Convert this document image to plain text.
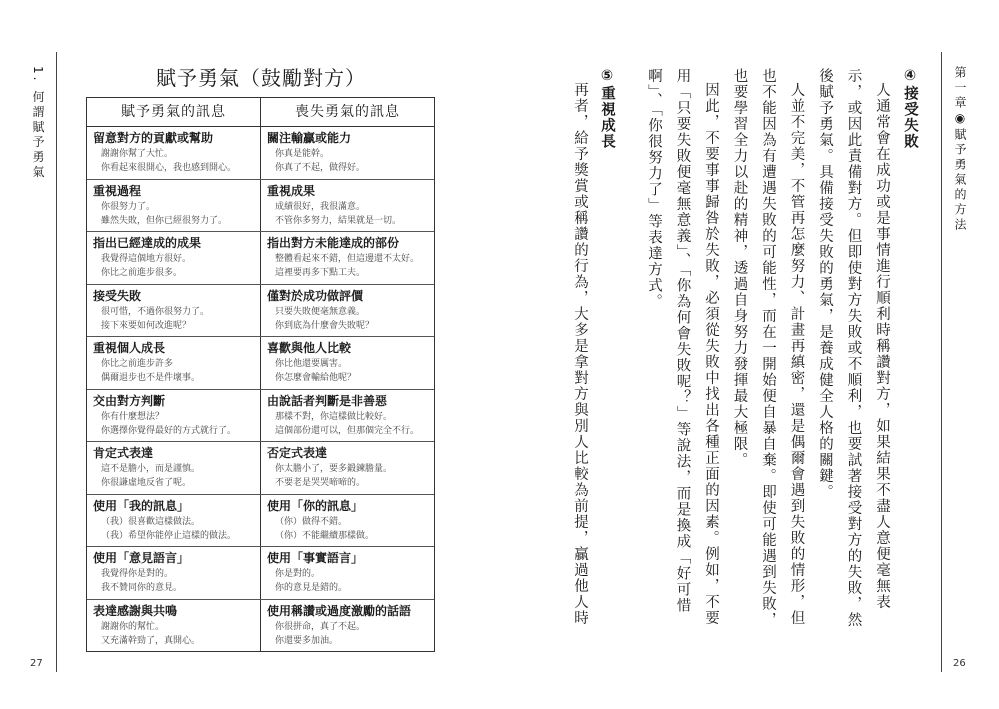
1. 何謂賦予勇氣
27
賦予勇氣（鼓勵對方）
賦予勇氣的訊息	喪失勇氣的訊息
留意對方的貢獻或幫助
謝謝你幫了大忙。
你看起來很開心，我也感到開心。
關注輸贏或能力
你真是能幹。
你真了不起，做得好。
重視過程
你很努力了。
雖然失敗，但你已經很努力了。
重視成果
成績很好，我很滿意。
不管你多努力，結果就是一切。
指出已經達成的成果
我覺得這個地方很好。
你比之前進步很多。
指出對方未能達成的部份
整體看起來不錯，但這邊還不太好。
這裡要再多下點工夫。
接受失敗
很可惜，不過你很努力了。
接下來要如何改進呢？
僅對於成功做評價
只要失敗便毫無意義。
你到底為什麼會失敗呢？
重視個人成長
你比之前進步許多
偶爾退步也不是件壞事。
喜歡與他人比較
你比他還要厲害。
你怎麼會輸給他呢？
交由對方判斷
你有什麼想法？
你選擇你覺得最好的方式就行了。
由說話者判斷是非善惡
那樣不對，你這樣做比較好。
這個部份還可以，但那個完全不行。
肯定式表達
這不是膽小，而是謹慎。
你很謙虛地反省了呢。
否定式表達
你太膽小了，要多鍛鍊膽量。
不要老是哭哭啼啼的。
使用「我的訊息」
（我）很喜歡這樣做法。
（我）希望你能停止這樣的做法。
使用「你的訊息」
（你）做得不錯。
（你）不能繼續那樣做。
使用「意見語言」
我覺得你是對的。
我不贊同你的意見。
使用「事實語言」
你是對的。
你的意見是錯的。
表達感謝與共鳴
謝謝你的幫忙。
又充滿幹勁了，真開心。
使用稱讚或過度激勵的話語
你很拼命，真了不起。
你還要多加油。
第一章◉賦予勇氣的方法
26
④接受失敗
人通常會在成功或是事情進行順利時稱讚對方，如果結果不盡人意便毫無表
示，或因此責備對方。但即使對方失敗或不順利，也要試著接受對方的失敗，然
後賦予勇氣。具備接受失敗的勇氣，是養成健全人格的關鍵。
人並不完美，不管再怎麼努力、計畫再縝密，還是偶爾會遇到失敗的情形，但
也不能因為有遭遇失敗的可能性，而在一開始便自暴自棄。即使可能遇到失敗，
也要學習全力以赴的精神，透過自身努力發揮最大極限。
因此，不要事事歸咎於失敗，必須從失敗中找出各種正面的因素。例如，不要
用「只要失敗便毫無意義」、「你為何會失敗呢？」等說法，而是換成「好可惜
啊」、「你很努力了」等表達方式。
⑤重視成長
再者，給予獎賞或稱讚的行為，大多是拿對方與別人比較為前提，贏過他人時
